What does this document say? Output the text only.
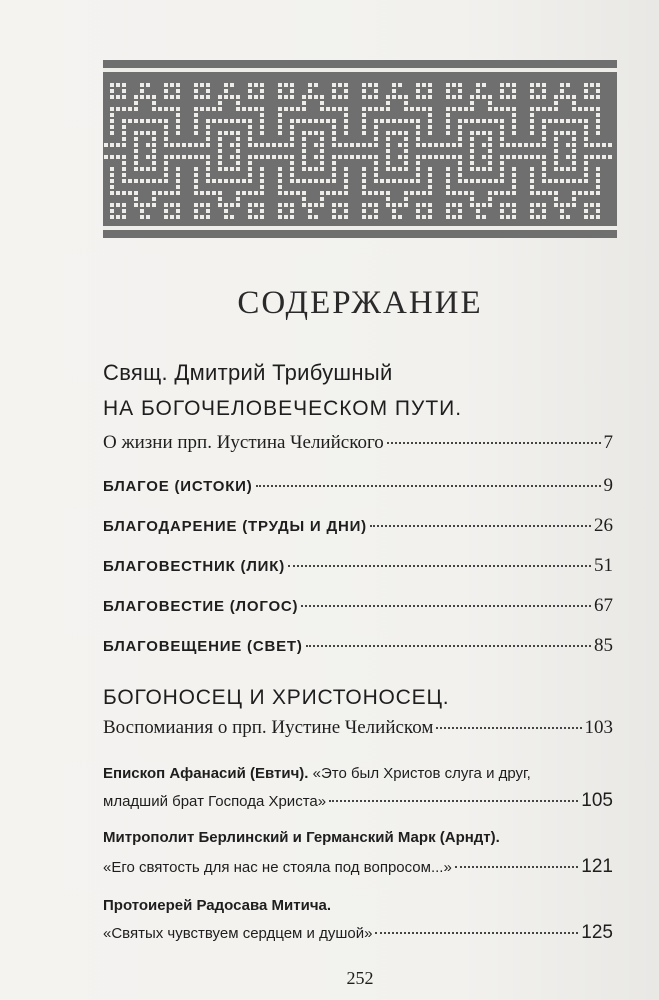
СОДЕРЖАНИЕ
Свящ. Дмитрий Трибушный
НА БОГОЧЕЛОВЕЧЕСКОМ ПУТИ.
О жизни прп. Иустина Челийского	7
БЛАГОЕ (ИСТОКИ)	9
БЛАГОДАРЕНИЕ (ТРУДЫ И ДНИ)	26
БЛАГОВЕСТНИК (ЛИК)	51
БЛАГОВЕСТИЕ (ЛОГОС)	67
БЛАГОВЕЩЕНИЕ (СВЕТ)	85
БОГОНОСЕЦ И ХРИСТОНОСЕЦ.
Воспомиания о прп. Иустине Челийском	103
Епископ Афанасий (Евтич). «Это был Христов слуга и друг,
младший брат Господа Христа»	105
Митрополит Берлинский и Германский Марк (Арндт).
«Его святость для нас не стояла под вопросом...»	121
Протоиерей Радосава Митича.
«Святых чувствуем сердцем и душой»	125
252
